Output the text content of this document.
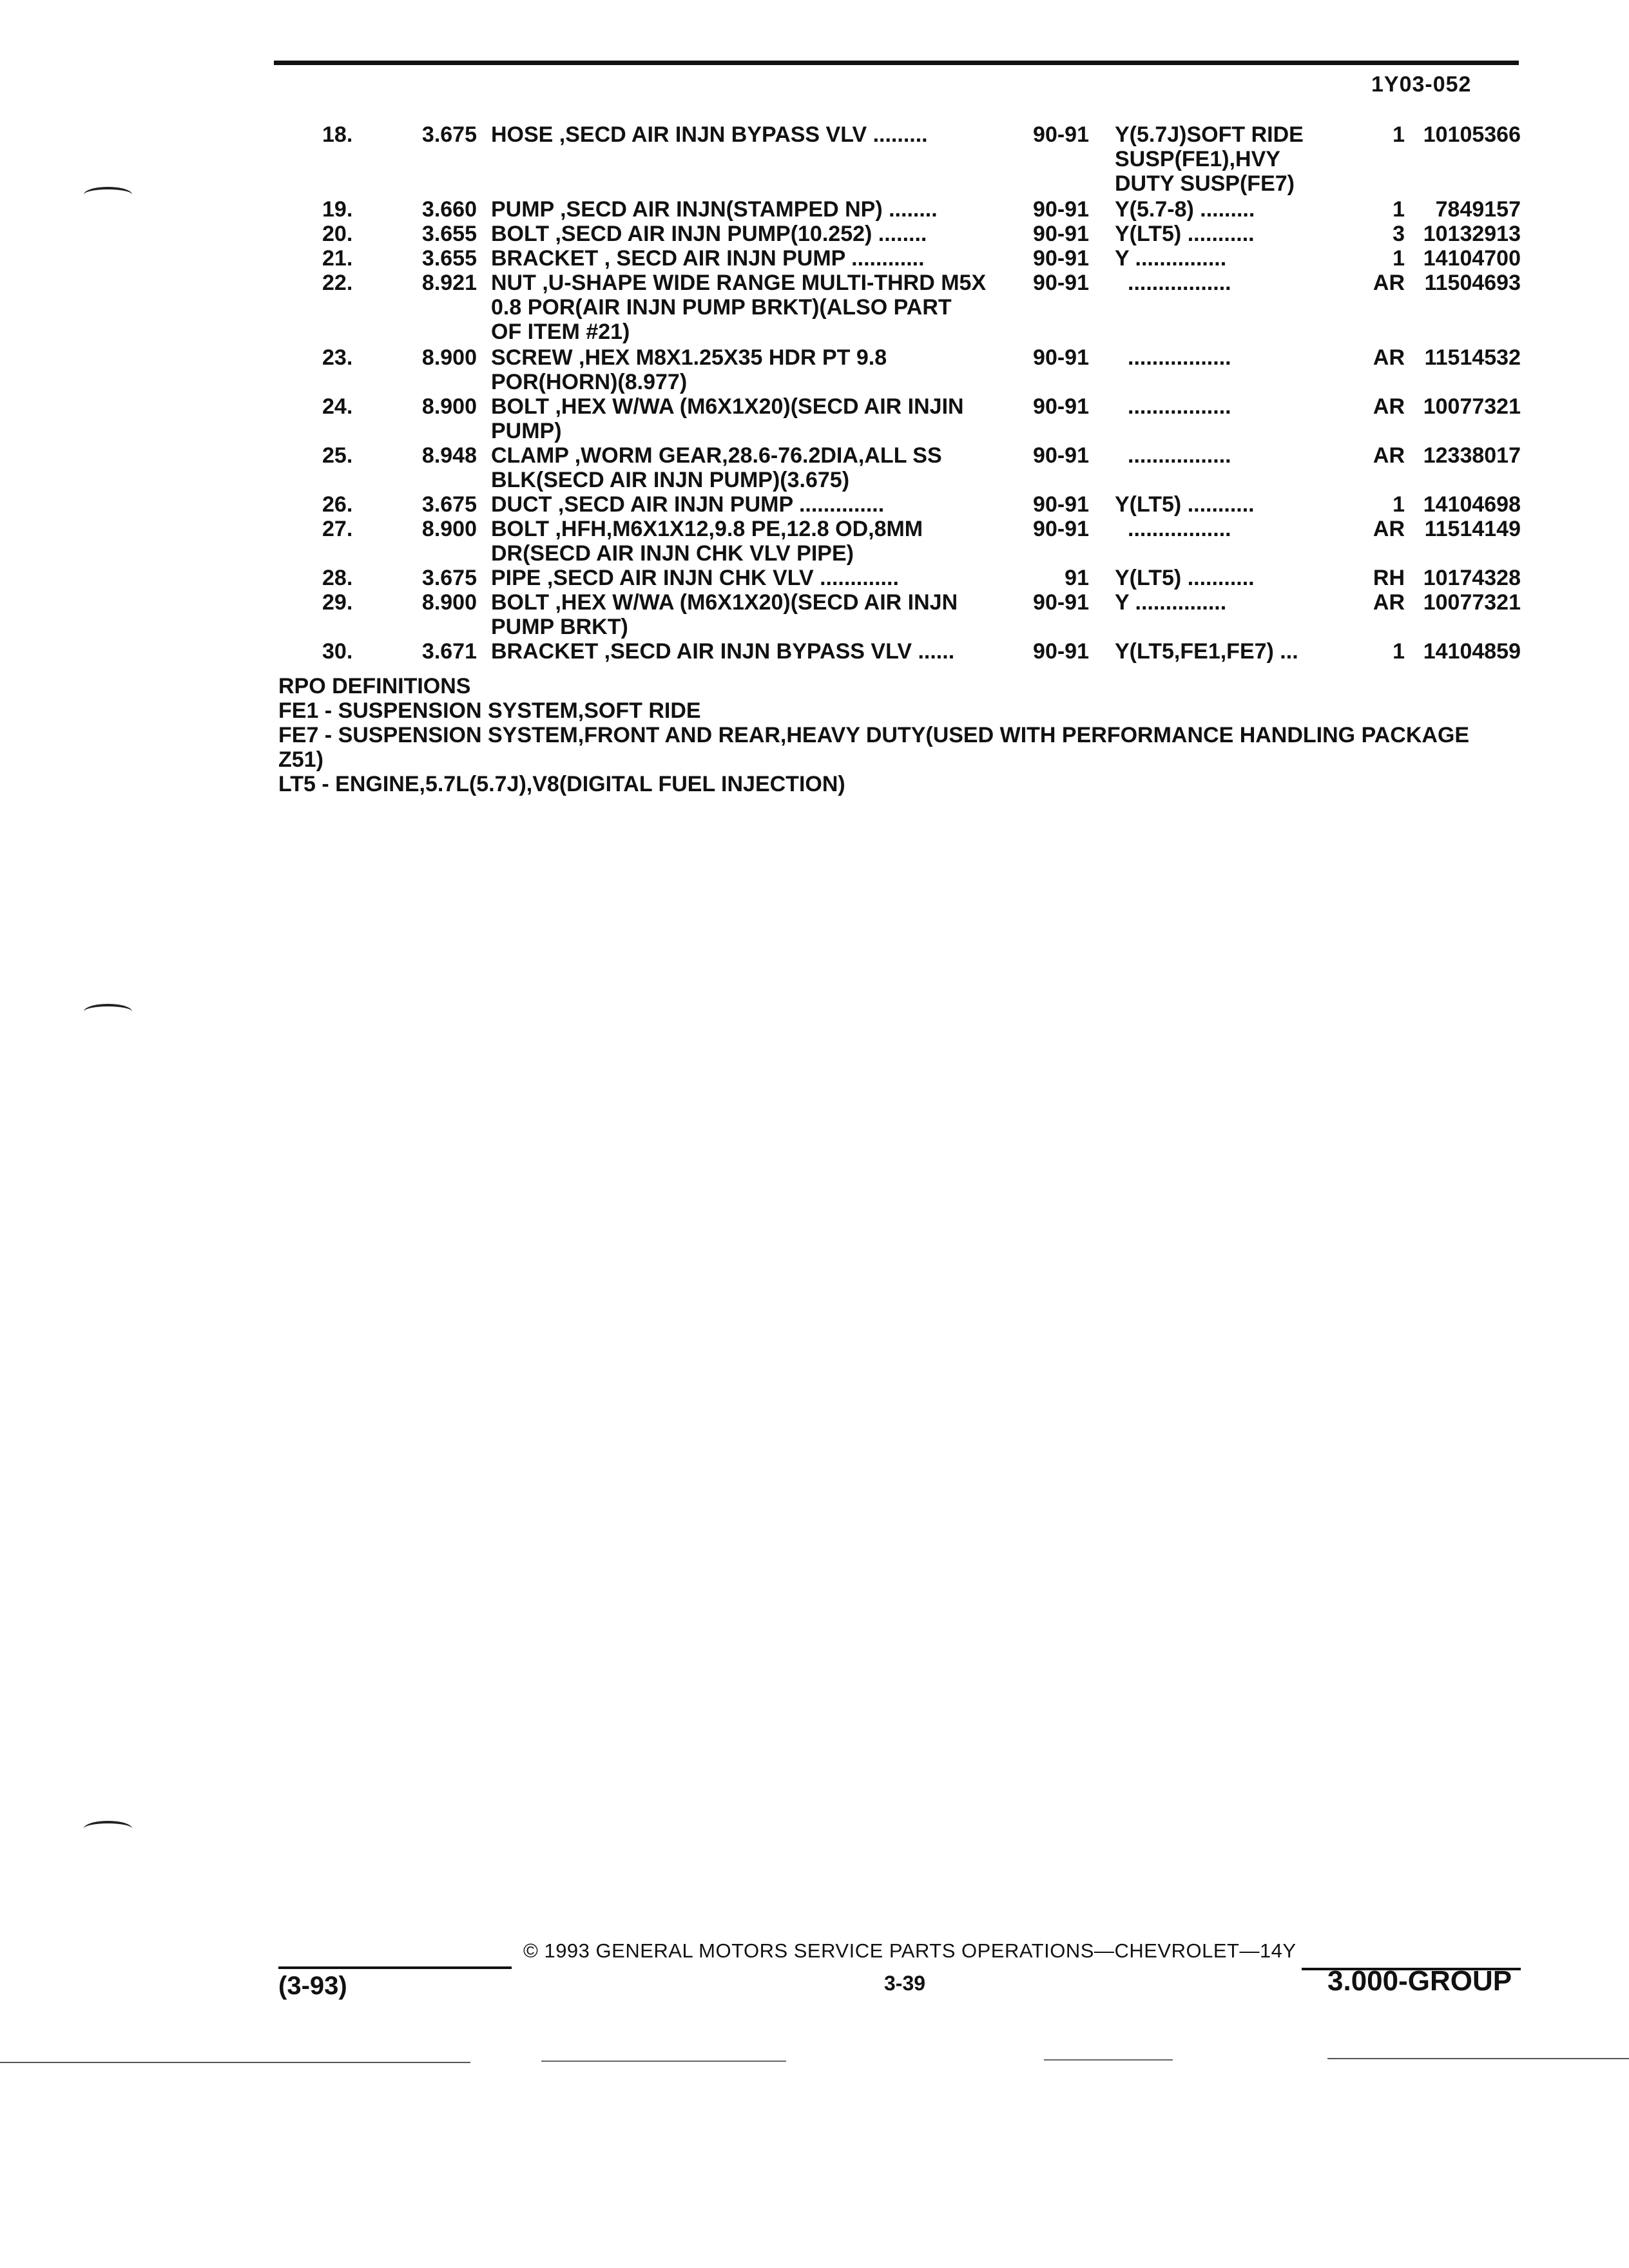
1Y03-052
18.	3.675 HOSE ,SECD AIR INJN BYPASS VLV .........	90-91 Y(5.7J)SOFT RIDE SUSP(FE1),HVY DUTY SUSP(FE7)
1 10105366
19.	3.660 PUMP ,SECD AIR INJN(STAMPED NP) ........	90-91 Y(5.7-8) .........	1	7849157
20.	3.655 BOLT ,SECD AIR INJN PUMP(10.252) ........	90-91 Y(LT5) ...........	3 10132913
21.	3.655 BRACKET , SECD AIR INJN PUMP ............	90-91 Y ...............	1 14104700
22.	8.921 NUT ,U-SHAPE WIDE RANGE MULTI-THRD M5X 0.8 POR(AIR INJN PUMP BRKT)(ALSO PART OF ITEM #21)
90-91 .................	AR 11504693
23.	8.900 SCREW ,HEX M8X1.25X35 HDR PT 9.8 POR(HORN)(8.977)
90-91 .................	AR 11514532
24.	8.900 BOLT ,HEX W/WA (M6X1X20)(SECD AIR INJIN PUMP)
90-91 .................	AR 10077321
25.	8.948 CLAMP ,WORM GEAR,28.6-76.2DIA,ALL SS BLK(SECD AIR INJN PUMP)(3.675)
90-91 .................	AR 12338017
26.	3.675 DUCT ,SECD AIR INJN PUMP ..............	90-91 Y(LT5) ...........	1 14104698
27.	8.900 BOLT ,HFH,M6X1X12,9.8 PE,12.8 OD,8MM DR(SECD AIR INJN CHK VLV PIPE)
90-91 .................	AR 11514149
28.	3.675 PIPE ,SECD AIR INJN CHK VLV .............	91 Y(LT5) ...........	RH 10174328
29.	8.900 BOLT ,HEX W/WA (M6X1X20)(SECD AIR INJN PUMP BRKT)
90-91 Y ...............	AR 10077321
30.	3.671 BRACKET ,SECD AIR INJN BYPASS VLV ......	90-91 Y(LT5,FE1,FE7) ...	1 14104859
RPO DEFINITIONS
FE1 - SUSPENSION SYSTEM,SOFT RIDE
FE7 - SUSPENSION SYSTEM,FRONT AND REAR,HEAVY DUTY(USED WITH PERFORMANCE HANDLING PACKAGE
Z51)
LT5 - ENGINE,5.7L(5.7J),V8(DIGITAL FUEL INJECTION)
© 1993 GENERAL MOTORS SERVICE PARTS OPERATIONS—CHEVROLET—14Y
(3-93)	3-39	3.000-GROUP
